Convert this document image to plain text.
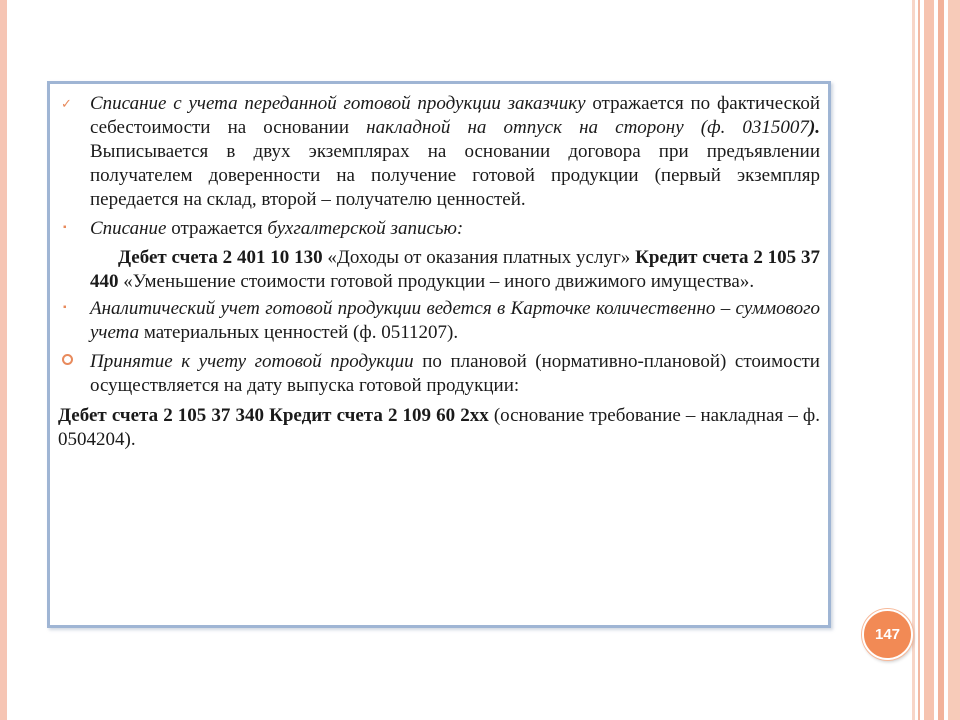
✓
Списание с учета переданной готовой продукции заказчику отражается по фактической себестоимости на основании накладной на отпуск на сторону (ф. 0315007). Выписывается в двух экземплярах на основании договора при предъявлении получателем доверенности на получение готовой продукции (первый экземпляр передается на склад, второй – получателю ценностей.
▪
Списание отражается бухгалтерской записью:
Дебет счета 2 401 10 130 «Доходы от оказания платных услуг» Кредит счета 2 105 37 440 «Уменьшение стоимости готовой продукции – иного движимого имущества».
▪
Аналитический учет готовой продукции ведется в Карточке количественно – суммового учета материальных ценностей (ф. 0511207).
Принятие к учету готовой продукции по плановой (нормативно-плановой) стоимости осуществляется на дату выпуска готовой продукции:
Дебет счета 2 105 37 340 Кредит счета 2 109 60 2хх (основание требование – накладная – ф. 0504204).
147
